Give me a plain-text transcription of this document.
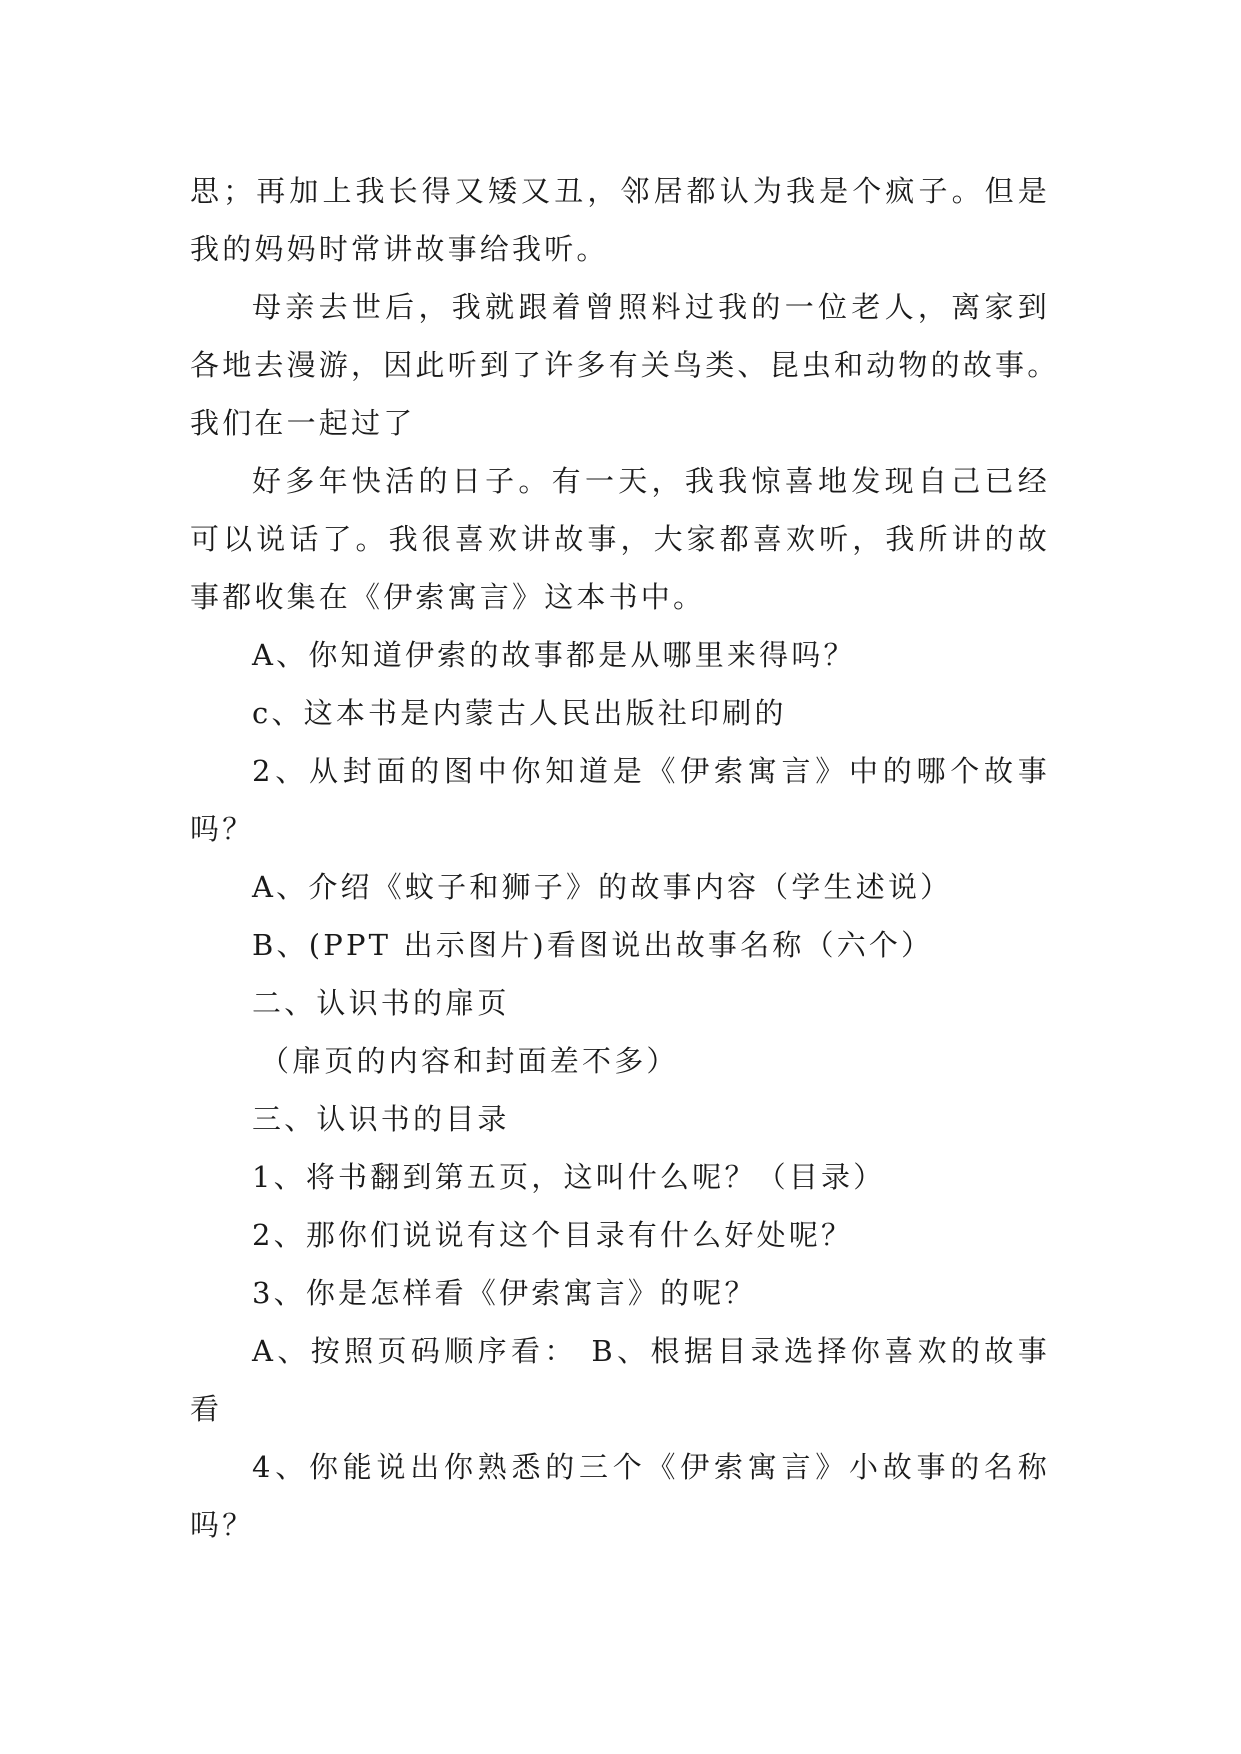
思；再加上我长得又矮又丑，邻居都认为我是个疯子。但是
我的妈妈时常讲故事给我听。

母亲去世后，我就跟着曾照料过我的一位老人，离家到
各地去漫游，因此听到了许多有关鸟类、昆虫和动物的故事。
我们在一起过了

好多年快活的日子。有一天，我我惊喜地发现自己已经
可以说话了。我很喜欢讲故事，大家都喜欢听，我所讲的故
事都收集在《伊索寓言》这本书中。

A、你知道伊索的故事都是从哪里来得吗？

c、这本书是内蒙古人民出版社印刷的

2、从封面的图中你知道是《伊索寓言》中的哪个故事
吗？

A、介绍《蚊子和狮子》的故事内容（学生述说）

B、(PPT 出示图片)看图说出故事名称（六个）

二、认识书的扉页

（扉页的内容和封面差不多）

三、认识书的目录

1、将书翻到第五页，这叫什么呢？（目录）

2、那你们说说有这个目录有什么好处呢？

3、你是怎样看《伊索寓言》的呢？

A、按照页码顺序看： B、根据目录选择你喜欢的故事
看

4、你能说出你熟悉的三个《伊索寓言》小故事的名称
吗？
